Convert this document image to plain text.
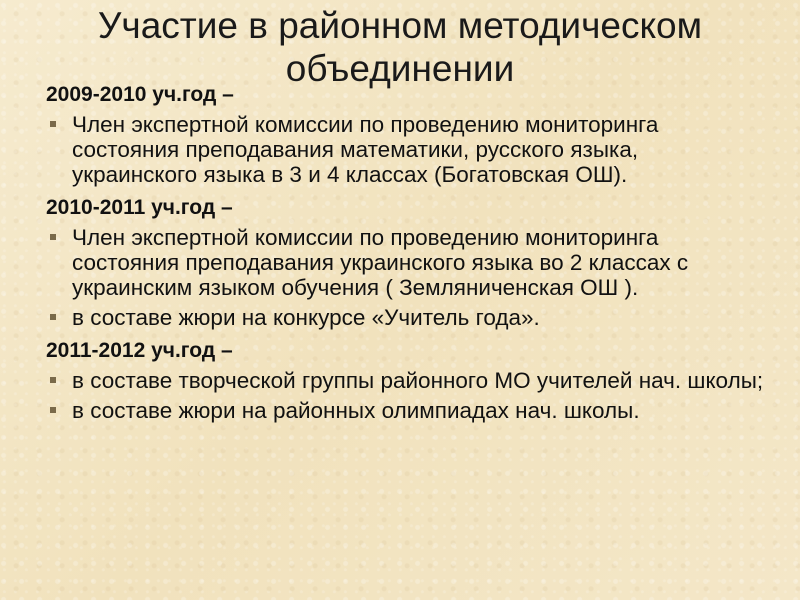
Участие в районном методическом объединении
2009-2010 уч.год –
Член экспертной комиссии по проведению мониторинга состояния преподавания математики, русского языка, украинского языка в 3 и 4 классах (Богатовская ОШ).
2010-2011 уч.год –
Член экспертной комиссии по проведению мониторинга состояния преподавания украинского языка во 2 классах с украинским языком обучения ( Земляниченская ОШ ).
в составе жюри на конкурсе «Учитель года».
2011-2012 уч.год –
в составе творческой группы районного МО учителей нач. школы;
в составе жюри на районных олимпиадах нач. школы.
